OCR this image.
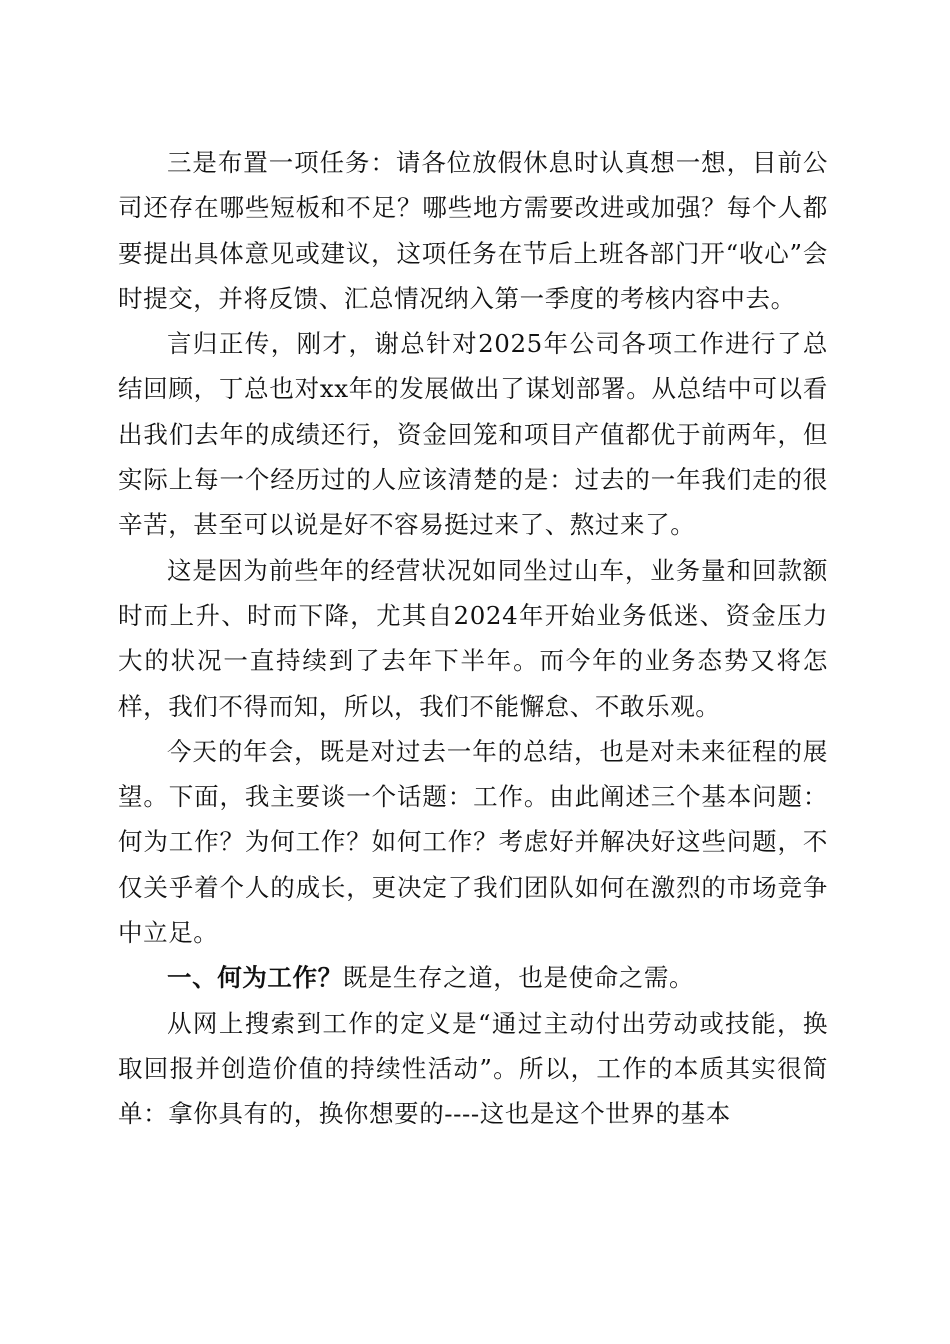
三是布置一项任务：请各位放假休息时认真想一想，目前公司还存在哪些短板和不足？哪些地方需要改进或加强？每个人都要提出具体意见或建议，这项任务在节后上班各部门开“收心”会时提交，并将反馈、汇总情况纳入第一季度的考核内容中去。

言归正传，刚才，谢总针对2025年公司各项工作进行了总结回顾，丁总也对xx年的发展做出了谋划部署。从总结中可以看出我们去年的成绩还行，资金回笼和项目产值都优于前两年，但实际上每一个经历过的人应该清楚的是：过去的一年我们走的很辛苦，甚至可以说是好不容易挺过来了、熬过来了。

这是因为前些年的经营状况如同坐过山车，业务量和回款额时而上升、时而下降，尤其自2024年开始业务低迷、资金压力大的状况一直持续到了去年下半年。而今年的业务态势又将怎样，我们不得而知，所以，我们不能懈怠、不敢乐观。

今天的年会，既是对过去一年的总结，也是对未来征程的展望。下面，我主要谈一个话题：工作。由此阐述三个基本问题：何为工作？为何工作？如何工作？考虑好并解决好这些问题，不仅关乎着个人的成长，更决定了我们团队如何在激烈的市场竞争中立足。

一、何为工作？既是生存之道，也是使命之需。

从网上搜索到工作的定义是“通过主动付出劳动或技能，换取回报并创造价值的持续性活动”。所以，工作的本质其实很简单：拿你具有的，换你想要的----这也是这个世界的基本
